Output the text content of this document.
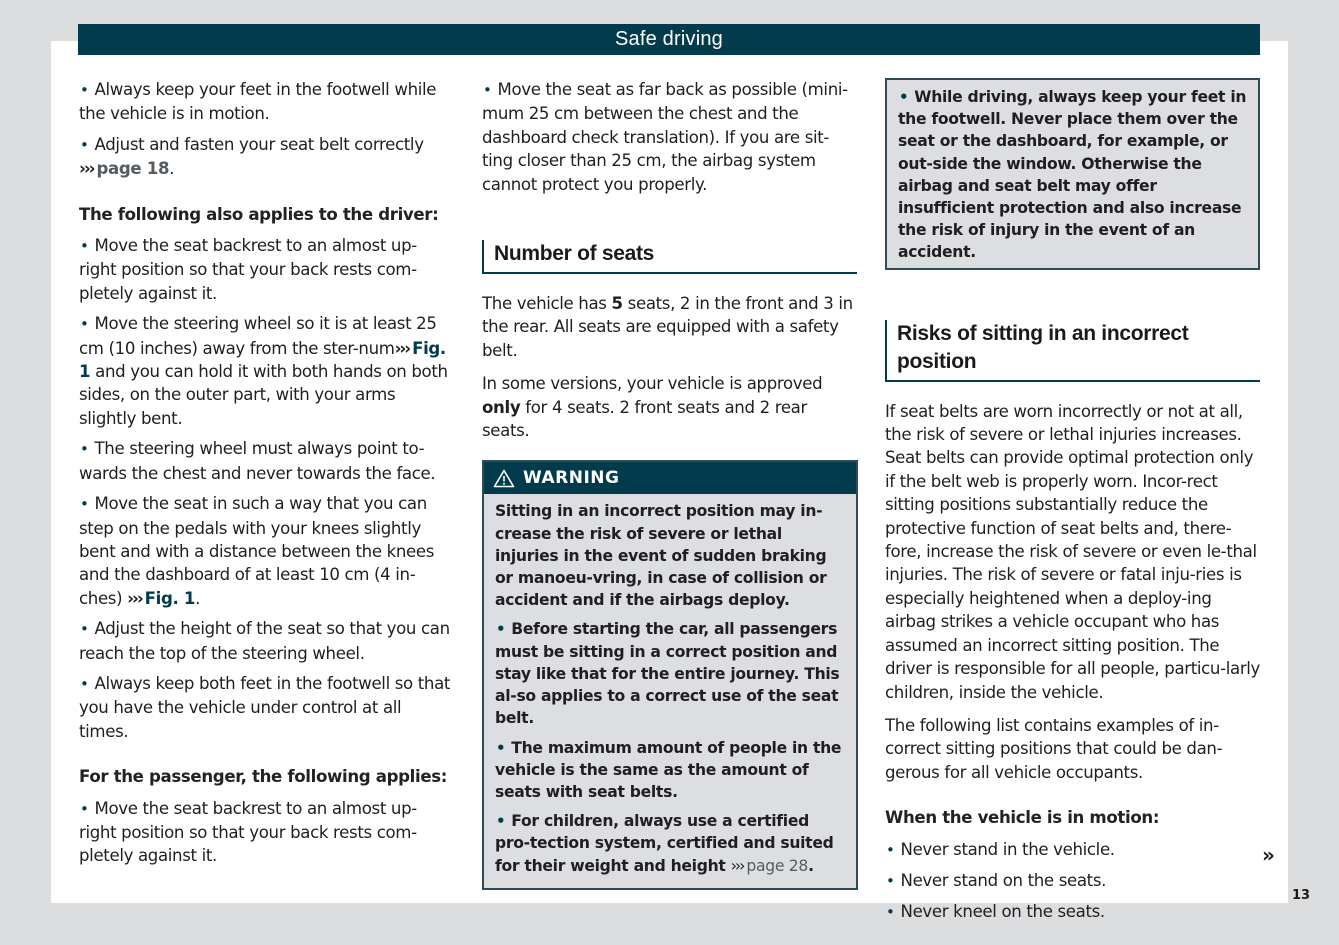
Safe driving

• Always keep your feet in the footwell while the vehicle is in motion.

• Adjust and fasten your seat belt correctly
››› page 18.

The following also applies to the driver:

• Move the seat backrest to an almost up-right position so that your back rests com-pletely against it.

• Move the steering wheel so it is at least 25 cm (10 inches) away from the ster-num››› Fig. 1 and you can hold it with both hands on both sides, on the outer part, with your arms slightly bent.

• The steering wheel must always point to-wards the chest and never towards the face.

• Move the seat in such a way that you can step on the pedals with your knees slightly bent and with a distance between the knees and the dashboard of at least 10 cm (4 in-ches) ››› Fig. 1.

• Adjust the height of the seat so that you can reach the top of the steering wheel.

• Always keep both feet in the footwell so that you have the vehicle under control at all times.

For the passenger, the following applies:

• Move the seat backrest to an almost up-right position so that your back rests com-pletely against it.

• Move the seat as far back as possible (mini-mum 25 cm between the chest and the dashboard check translation). If you are sit-ting closer than 25 cm, the airbag system cannot protect you properly.

Number of seats

The vehicle has 5 seats, 2 in the front and 3 in the rear. All seats are equipped with a safety belt.

In some versions, your vehicle is approved only for 4 seats. 2 front seats and 2 rear seats.

WARNING

Sitting in an incorrect position may in-crease the risk of severe or lethal injuries in the event of sudden braking or manoeu-vring, in case of collision or accident and if the airbags deploy.

• Before starting the car, all passengers must be sitting in a correct position and stay like that for the entire journey. This al-so applies to a correct use of the seat belt.

• The maximum amount of people in the vehicle is the same as the amount of seats with seat belts.

• For children, always use a certified pro-tection system, certified and suited for their weight and height ››› page 28.

• While driving, always keep your feet in the footwell. Never place them over the seat or the dashboard, for example, or out-side the window. Otherwise the airbag and seat belt may offer insufficient protection and also increase the risk of injury in the event of an accident.

Risks of sitting in an incorrect position

If seat belts are worn incorrectly or not at all, the risk of severe or lethal injuries increases. Seat belts can provide optimal protection only if the belt web is properly worn. Incor-rect sitting positions substantially reduce the protective function of seat belts and, there-fore, increase the risk of severe or even le-thal injuries. The risk of severe or fatal inju-ries is especially heightened when a deploy-ing airbag strikes a vehicle occupant who has assumed an incorrect sitting position. The driver is responsible for all people, particu-larly children, inside the vehicle.

The following list contains examples of in-correct sitting positions that could be dan-gerous for all vehicle occupants.

When the vehicle is in motion:

• Never stand in the vehicle.

• Never stand on the seats.

• Never kneel on the seats.

»
13
